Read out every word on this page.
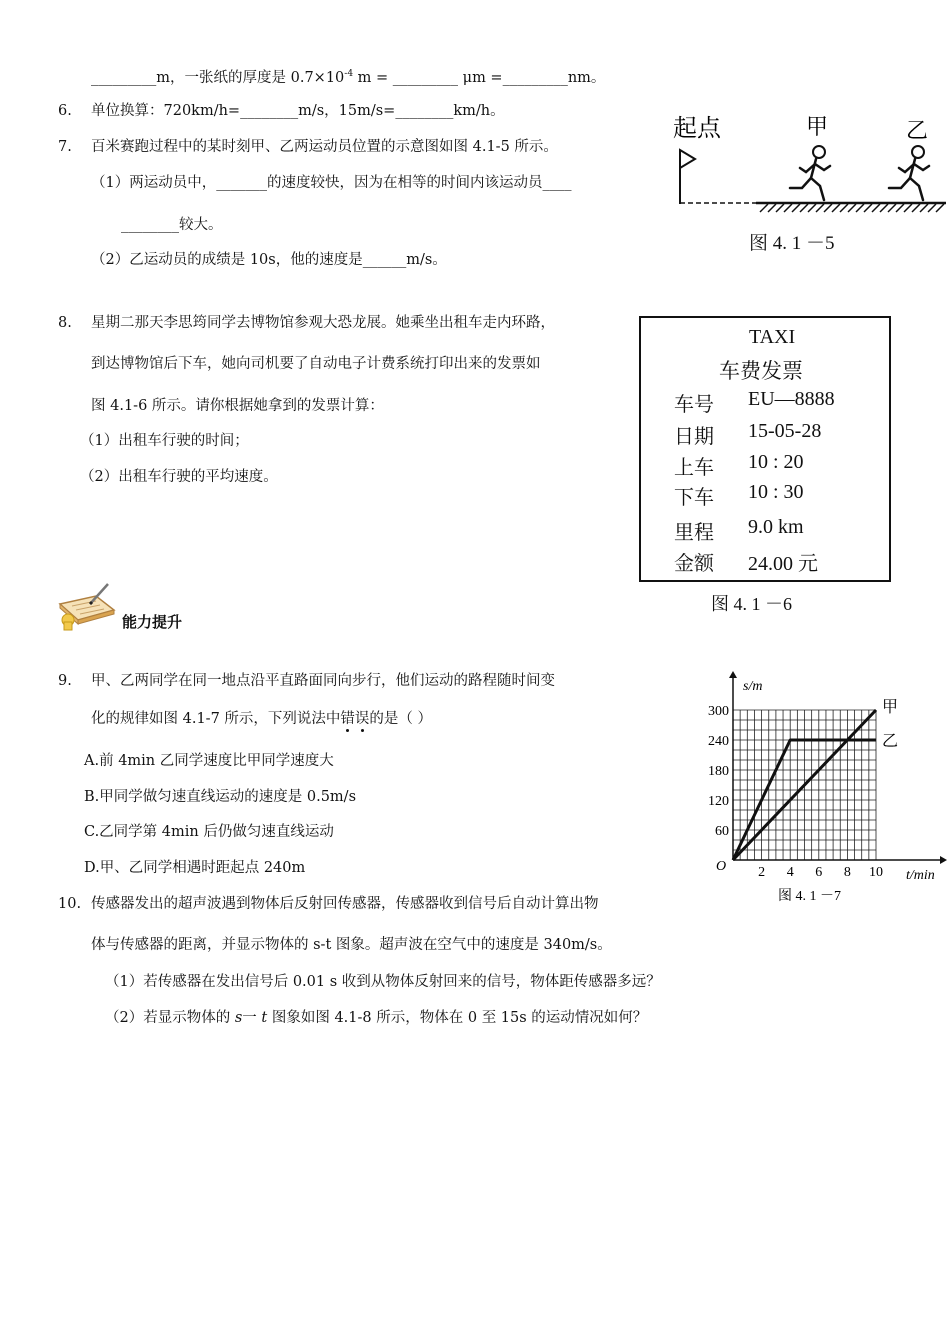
_________m，一张纸的厚度是 $0.7\times 10^{-4}$ m = _________ μm =_________nm。
6. 单位换算：720km/h=________m/s，15m/s=________km/h。
7. 百米赛跑过程中的某时刻甲、乙两运动员位置的示意图如图 4.1-5 所示。
（1）两运动员中，_______的速度较快，因为在相等的时间内该运动员____
________较大。
（2）乙运动员的成绩是 10s，他的速度是______m/s。
起点	甲	乙
图 4. 1 －5
8. 星期二那天李思筠同学去博物馆参观大恐龙展。她乘坐出租车走内环路，
到达博物馆后下车，她向司机要了自动电子计费系统打印出来的发票如
图 4.1-6 所示。请你根据她拿到的发票计算：
（1）出租车行驶的时间；
（2）出租车行驶的平均速度。
TAXI
车费发票
车号 EU—8888
日期 15-05-28
上车 10 : 20
下车 10 : 30
里程 9.0 km
金额 24.00 元
图 4. 1 －6
能力提升
9. 甲、乙两同学在同一地点沿平直路面同向步行，他们运动的路程随时间变
化的规律如图 4.1-7 所示，下列说法中错误的是（ ）
A.前 4min 乙同学速度比甲同学速度大
B.甲同学做匀速直线运动的速度是 0.5m/s
C.乙同学第 4min 后仍做匀速直线运动
D.甲、乙同学相遇时距起点 240m
s/m
t/min
O 2 4 6 8 10
60
120
180
240
300	甲
乙
图 4. 1 －7
10. 传感器发出的超声波遇到物体后反射回传感器，传感器收到信号后自动计算出物
体与传感器的距离，并显示物体的 s-t 图象。超声波在空气中的速度是 340m/s。
（1）若传感器在发出信号后 0.01 s 收到从物体反射回来的信号，物体距传感器多远？
（2）若显示物体的 s一 t 图象如图 4.1-8 所示，物体在 0 至 15s 的运动情况如何？
